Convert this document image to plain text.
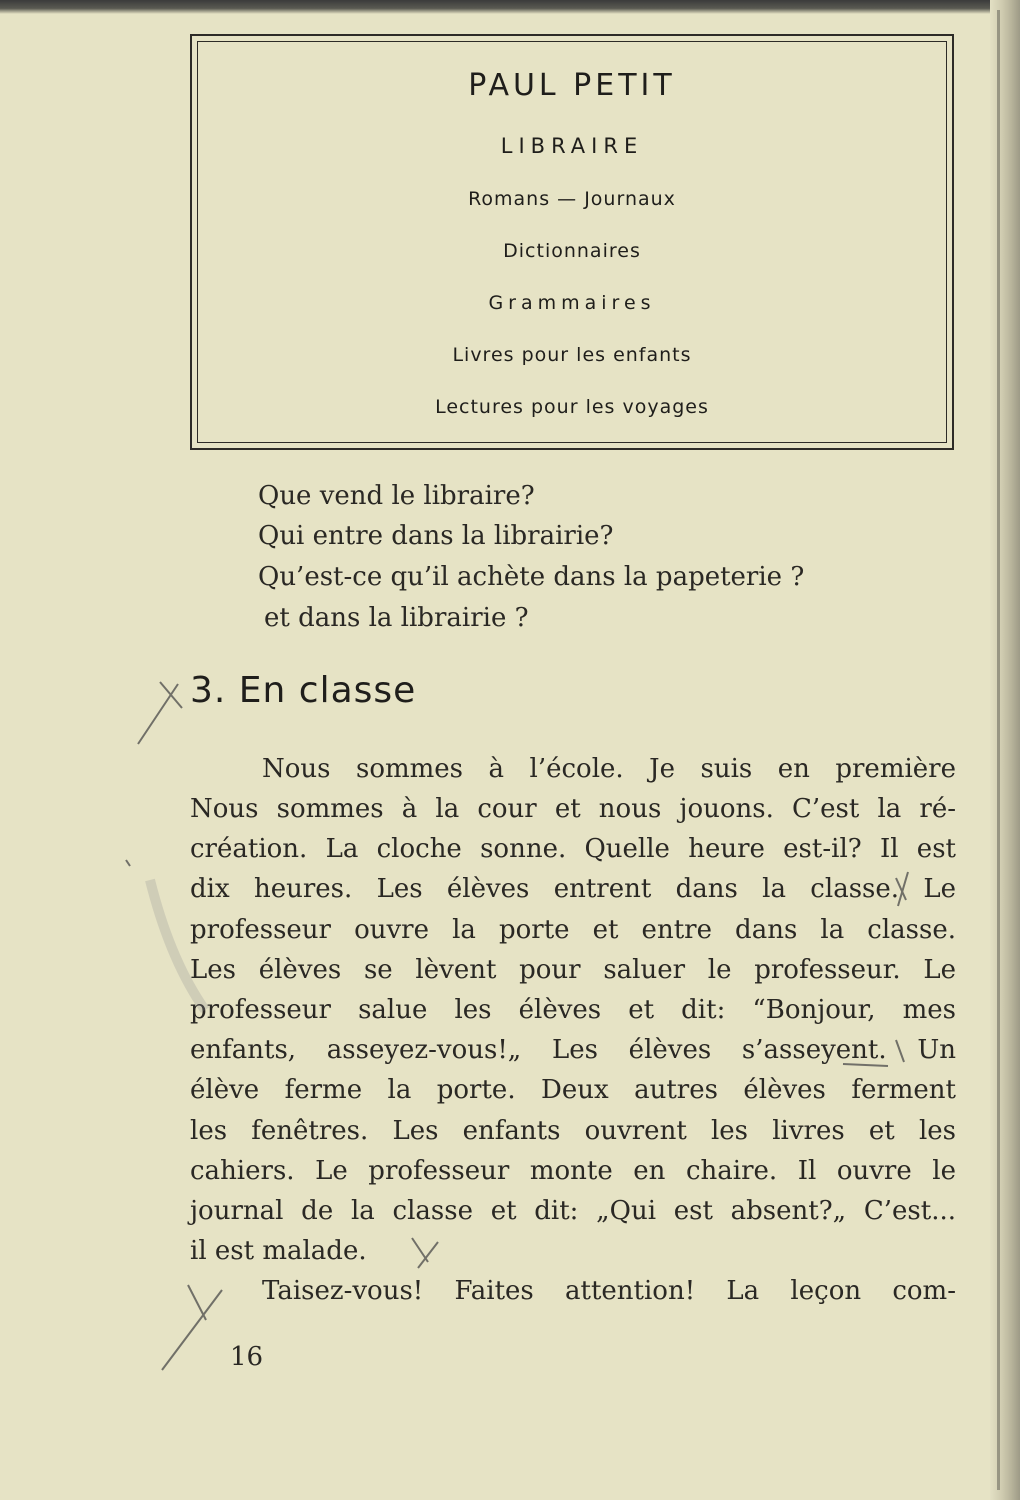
PAUL PETIT
LIBRAIRE
Romans — Journaux
Dictionnaires
Grammaires
Livres pour les enfants
Lectures pour les voyages
Que vend le libraire?
Qui entre dans la librairie?
Qu’est-ce qu’il achète dans la papeterie ?
et dans la librairie ?
3. En classe
Nous sommes à l’école. Je suis en première
Nous sommes à la cour et nous jouons. C’est la ré-
création. La cloche sonne. Quelle heure est-il? Il est
dix heures. Les élèves entrent dans la classe. Le
professeur ouvre la porte et entre dans la classe.
Les élèves se lèvent pour saluer le professeur. Le
professeur salue les élèves et dit: “Bonjour, mes
enfants, asseyez-vous!„ Les élèves s’asseyent. Un
élève ferme la porte. Deux autres élèves ferment
les fenêtres. Les enfants ouvrent les livres et les
cahiers. Le professeur monte en chaire. Il ouvre le
journal de la classe et dit: „Qui est absent?„ C’est...
il est malade.
Taisez-vous! Faites attention! La leçon com-
16
